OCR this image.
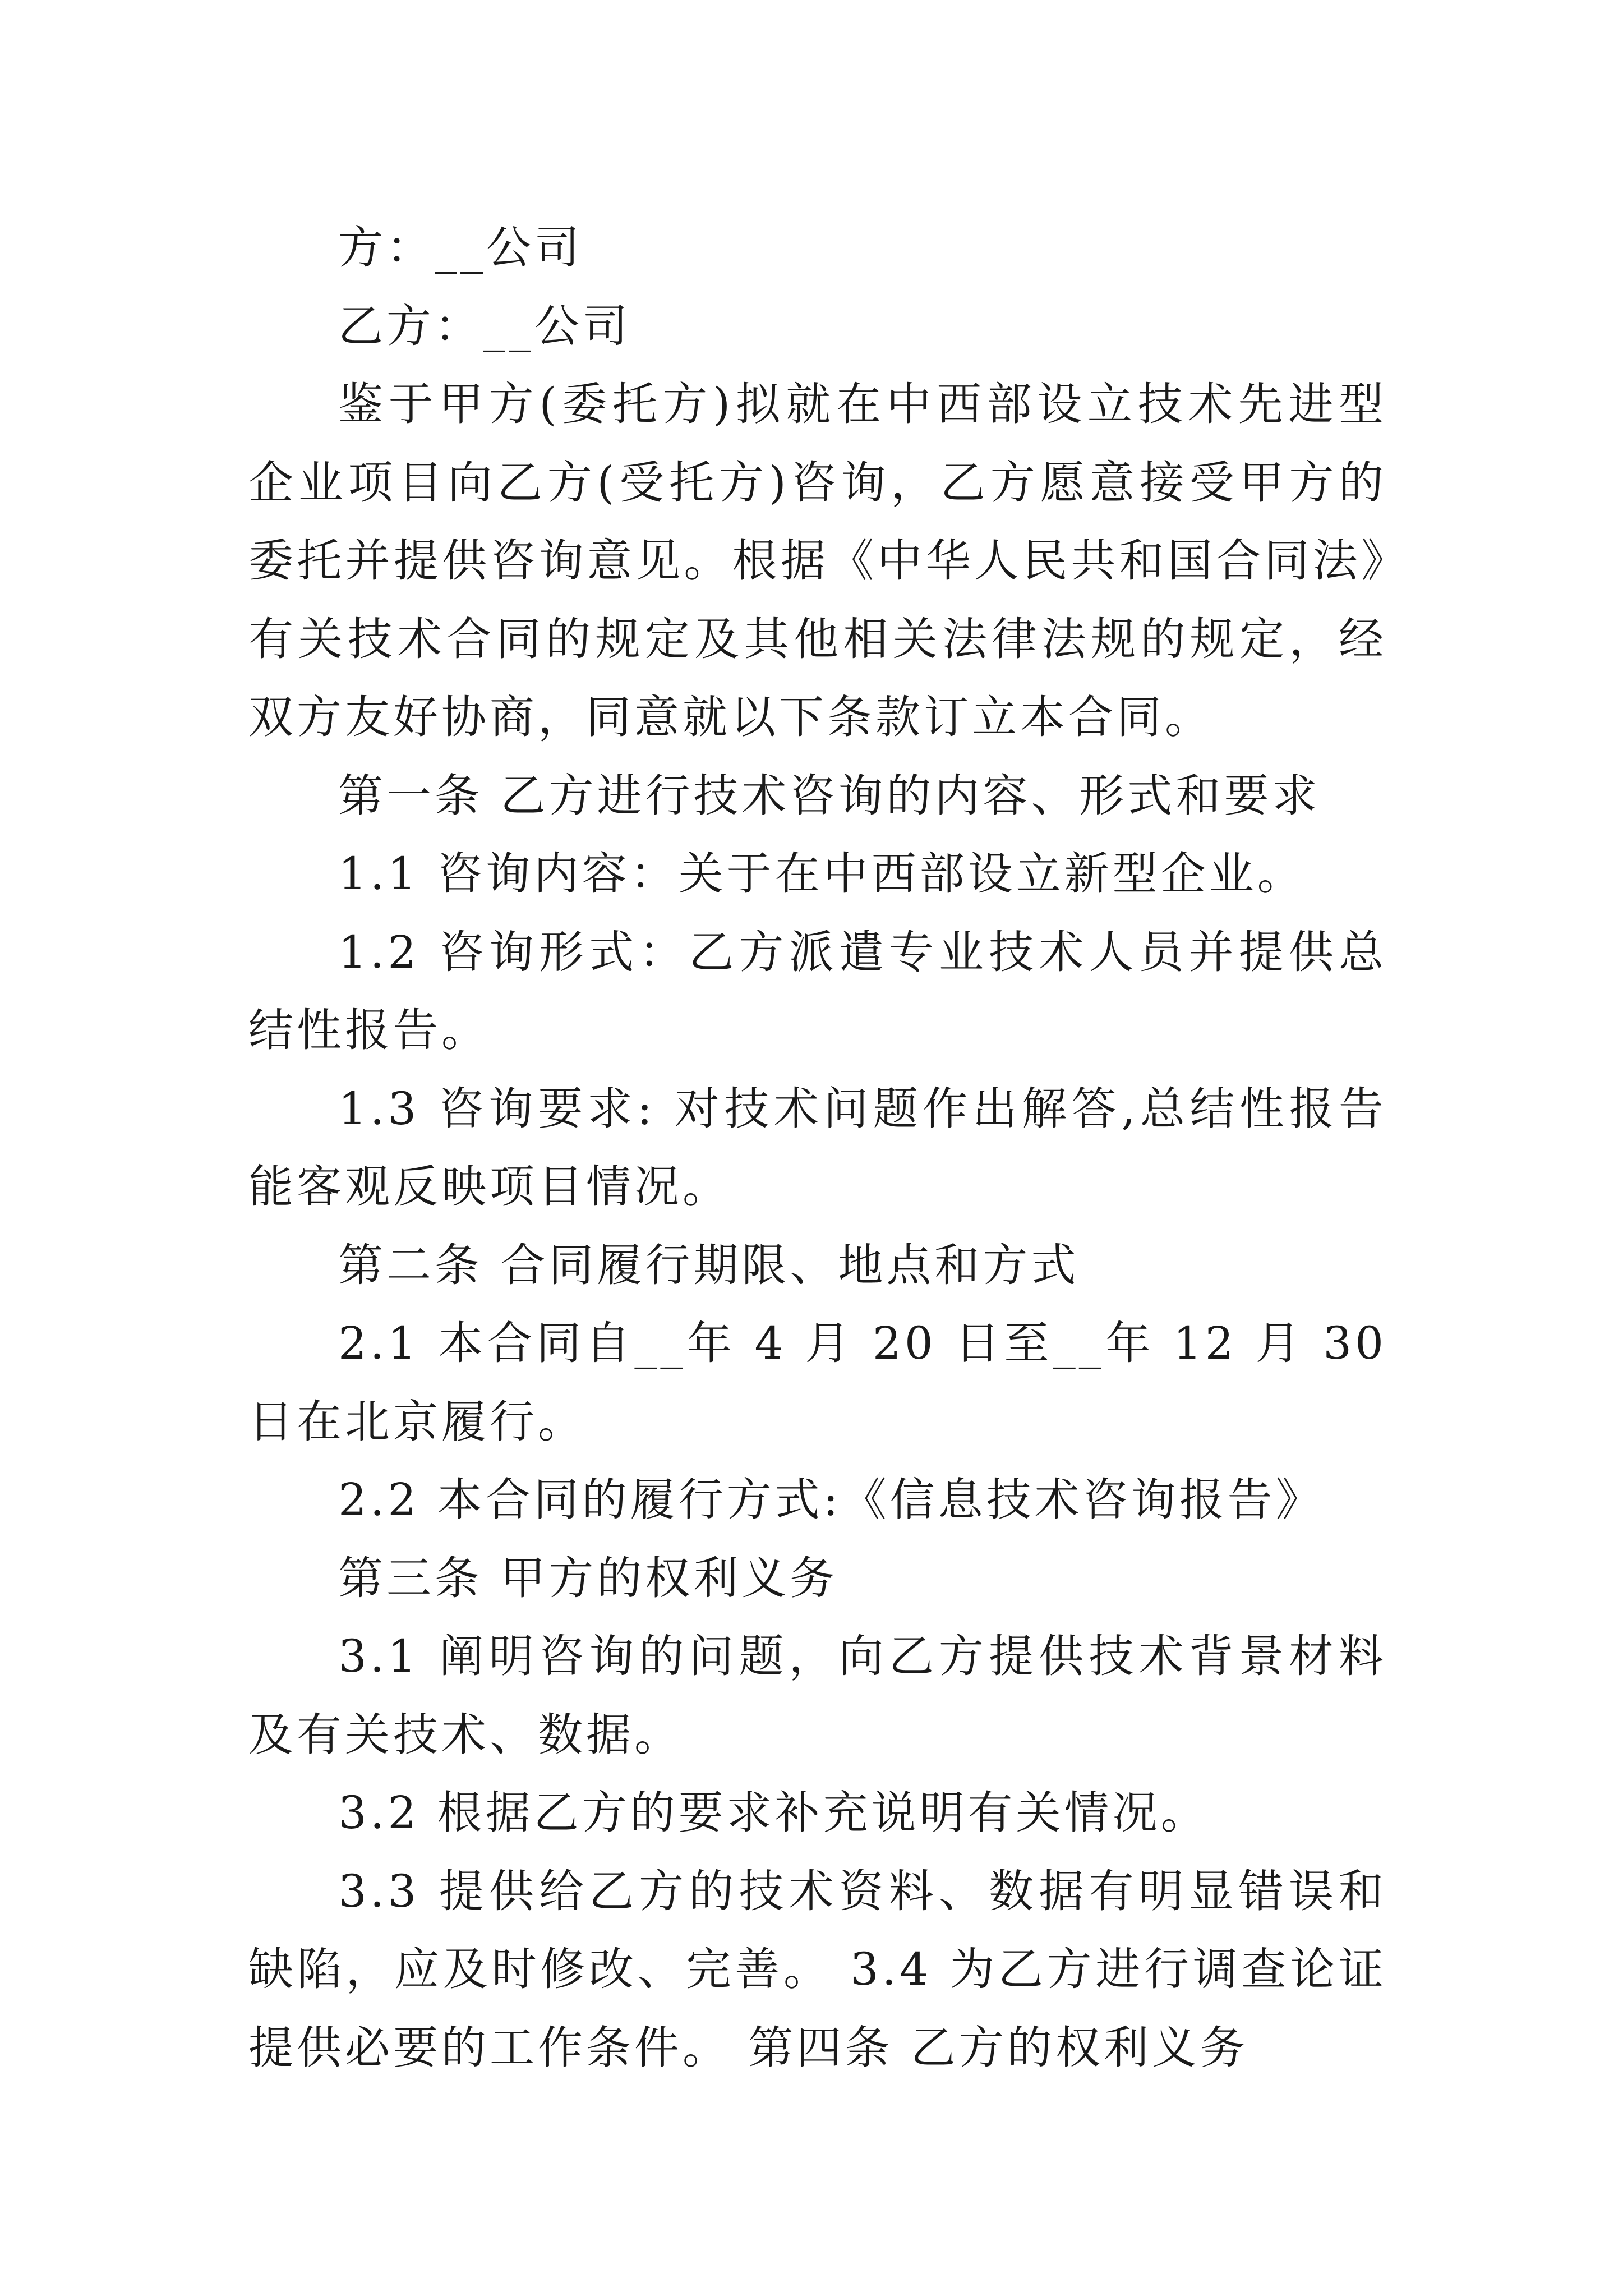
方：__公司

乙方：__公司

鉴于甲方(委托方)拟就在中西部设立技术先进型企业项目向乙方(受托方)咨询，乙方愿意接受甲方的委托并提供咨询意见。根据《中华人民共和国合同法》有关技术合同的规定及其他相关法律法规的规定，经双方友好协商，同意就以下条款订立本合同。

第一条 乙方进行技术咨询的内容、形式和要求

1.1 咨询内容：关于在中西部设立新型企业。

1.2 咨询形式：乙方派遣专业技术人员并提供总结性报告。

1.3 咨询要求: 对技术问题作出解答,总结性报告能客观反映项目情况。

第二条 合同履行期限、地点和方式

2.1 本合同自__年 4 月 20 日至__年 12 月 30 日在北京履行。

2.2 本合同的履行方式:《信息技术咨询报告》

第三条 甲方的权利义务

3.1 阐明咨询的问题，向乙方提供技术背景材料及有关技术、数据。

3.2 根据乙方的要求补充说明有关情况。

3.3 提供给乙方的技术资料、数据有明显错误和缺陷，应及时修改、完善。 3.4 为乙方进行调查论证提供必要的工作条件。 第四条 乙方的权利义务
